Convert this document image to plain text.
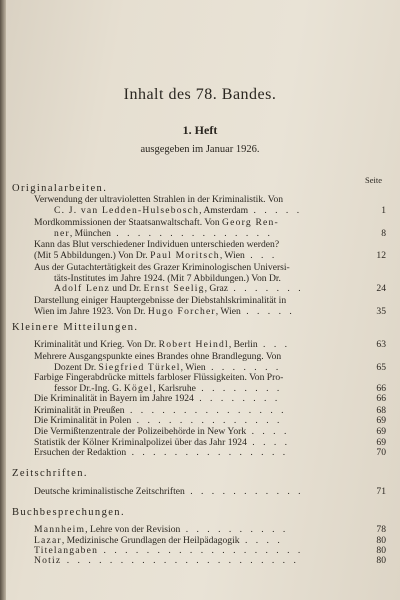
Inhalt des 78. Bandes.
1. Heft
ausgegeben im Januar 1926.
Seite
Originalarbeiten.
Verwendung der ultravioletten Strahlen in der Kriminalistik. Von
C. J. van Ledden-Hulsebosch, Amsterdam . . . . .	1
Mordkommissionen der Staatsanwaltschaft. Von Georg Ren-
ner, München . . . . . . . . . . . . . . .	8
Kann das Blut verschiedener Individuen unterschieden werden?
(Mit 5 Abbildungen.) Von Dr. Paul Moritsch, Wien . . .	12
Aus der Gutachtertätigkeit des Grazer Kriminologischen Universi-
täts-Institutes im Jahre 1924. (Mit 7 Abbildungen.) Von Dr.
Adolf Lenz und Dr. Ernst Seelig, Graz . . . . . . .	24
Darstellung einiger Hauptergebnisse der Diebstahlskriminalität in
Wien im Jahre 1923. Von Dr. Hugo Forcher, Wien . . . . .	35
Kleinere Mitteilungen.
Kriminalität und Krieg. Von Dr. Robert Heindl, Berlin . . .	63
Mehrere Ausgangspunkte eines Brandes ohne Brandlegung. Von
Dozent Dr. Siegfried Türkel, Wien . . . . . . .	65
Farbige Fingerabdrücke mittels farbloser Flüssigkeiten. Von Pro-
fessor Dr.-Ing. G. Kögel, Karlsruhe . . . . . . . .	66
Die Kriminalität in Bayern im Jahre 1924 . . . . . . . .	66
Kriminalität in Preußen . . . . . . . . . . . . . . .	68
Die Kriminalität in Polen . . . . . . . . . . . . . .	69
Die Vermißtenzentrale der Polizeibehörde in New York . . . .	69
Statistik der Kölner Kriminalpolizei über das Jahr 1924 . . . .	69
Ersuchen der Redaktion . . . . . . . . . . . . . . .	70
Zeitschriften.
Deutsche kriminalistische Zeitschriften . . . . . . . . . . .	71
Buchbesprechungen.
Mannheim, Lehre von der Revision . . . . . . . . . .	78
Lazar, Medizinische Grundlagen der Heilpädagogik . . . .	80
Titelangaben . . . . . . . . . . . . . . . . . . .	80
Notiz . . . . . . . . . . . . . . . . . . . . . .	80
